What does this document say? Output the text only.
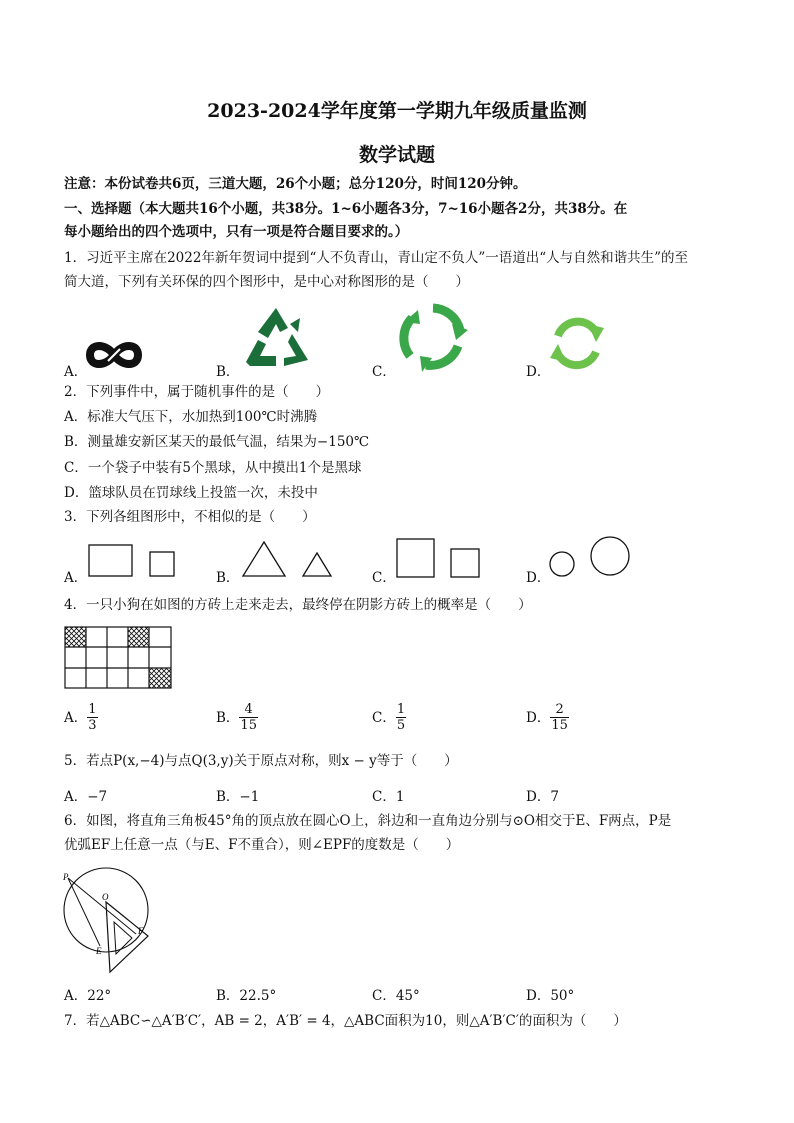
2023-2024学年度第一学期九年级质量监测
数学试题
注意：本份试卷共6页，三道大题，26个小题；总分120分，时间120分钟。
一、选择题（本大题共16个小题，共38分。1~6小题各3分，7~16小题各2分，共38分。在
每小题给出的四个选项中，只有一项是符合题目要求的。）
1．习近平主席在2022年新年贺词中提到“人不负青山，青山定不负人”一语道出“人与自然和谐共生”的至
简大道，下列有关环保的四个图形中，是中心对称图形的是（　　）
A．	B．	C．	D．
2．下列事件中，属于随机事件的是（　　）
A．标准大气压下，水加热到100℃时沸腾
B．测量雄安新区某天的最低气温，结果为−150℃
C．一个袋子中装有5个黑球，从中摸出1个是黑球
D．篮球队员在罚球线上投篮一次，未投中
3．下列各组图形中，不相似的是（　　）
A．	B．	C．	D．
4．一只小狗在如图的方砖上走来走去，最终停在阴影方砖上的概率是（　　）
A． $\frac{1}{3}$	B． $\frac{4}{15}$	C． $\frac{1}{5}$	D． $\frac{2}{15}$
5．若点P(x,−4)与点Q(3,y)关于原点对称，则x − y等于（　　）
A．−7	B．−1	C．1	D．7
6．如图，将直角三角板45°角的顶点放在圆心O上，斜边和一直角边分别与⊙O相交于E、F两点，P是
优弧EF上任意一点（与E、F不重合），则∠EPF的度数是（　　）
P
O
E
F
A．22°	B．22.5°	C．45°	D．50°
7．若△ABC∽△A′B′C′，AB = 2，A′B′ = 4，△ABC面积为10，则△A′B′C′的面积为（　　）
